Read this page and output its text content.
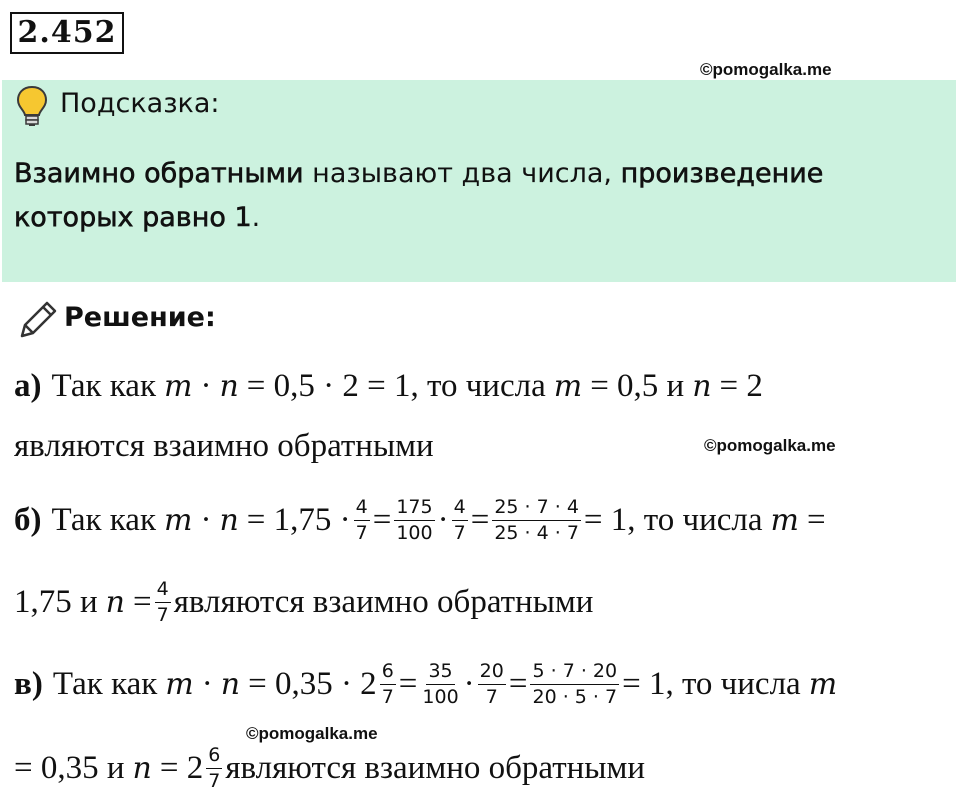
2.452
©pomogalka.me
Подсказка:
Взаимно обратными называют два числа, произведение
которых равно 1.
Решение:
а) Так как m · n = 0,5 · 2 = 1, то числа m = 0,5 и n = 2
являются взаимно обратными	©pomogalka.me
б) Так как $m \cdot n = 1,75 \cdot \frac{4}{7} = \frac{175}{100} \cdot \frac{4}{7} = \frac{25 \cdot 7 \cdot 4}{25 \cdot 4 \cdot 7} = 1$, то числа m =
1,75 и $n = \frac{4}{7}$ являются взаимно обратными
в) Так как $m \cdot n = 0,35 \cdot 2 \frac{6}{7} = \frac{35}{100} \cdot \frac{20}{7} = \frac{5 \cdot 7 \cdot 20}{20 \cdot 5 \cdot 7} = 1$, то числа m
©pomogalka.me
= 0,35 и $n = 2 \frac{6}{7}$ являются взаимно обратными
